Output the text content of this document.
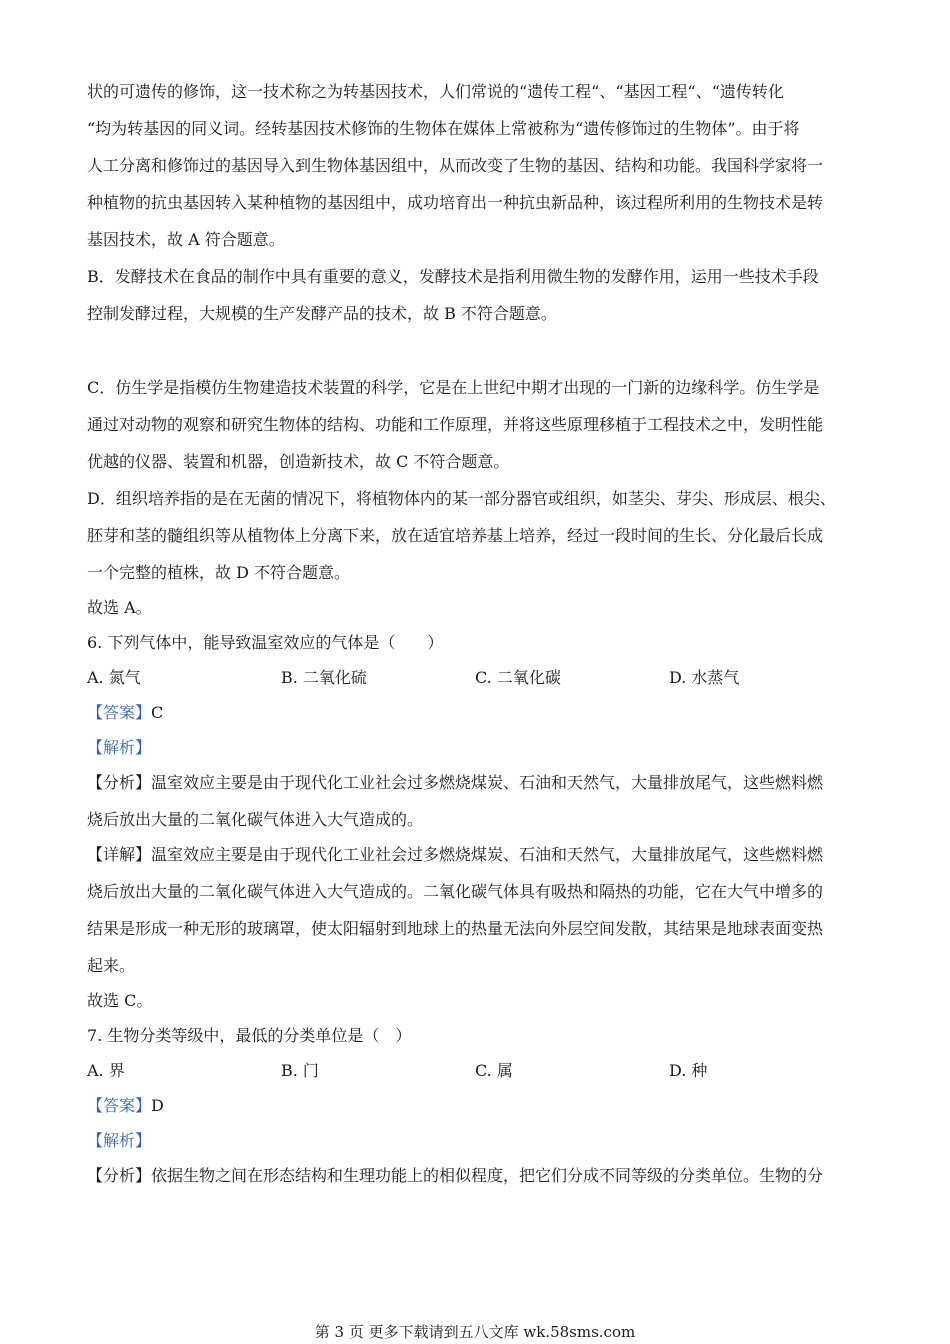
状的可遗传的修饰，这一技术称之为转基因技术，人们常说的“遗传工程“、“基因工程“、“遗传转化
“均为转基因的同义词。经转基因技术修饰的生物体在媒体上常被称为“遗传修饰过的生物体”。由于将
人工分离和修饰过的基因导入到生物体基因组中，从而改变了生物的基因、结构和功能。我国科学家将一
种植物的抗虫基因转入某种植物的基因组中，成功培育出一种抗虫新品种，该过程所利用的生物技术是转
基因技术，故 A 符合题意。
B．发酵技术在食品的制作中具有重要的意义，发酵技术是指利用微生物的发酵作用，运用一些技术手段
控制发酵过程，大规模的生产发酵产品的技术，故 B 不符合题意。
C．仿生学是指模仿生物建造技术装置的科学，它是在上世纪中期才出现的一门新的边缘科学。仿生学是
通过对动物的观察和研究生物体的结构、功能和工作原理，并将这些原理移植于工程技术之中，发明性能
优越的仪器、装置和机器，创造新技术，故 C 不符合题意。
D．组织培养指的是在无菌的情况下，将植物体内的某一部分器官或组织，如茎尖、芽尖、形成层、根尖、
胚芽和茎的髓组织等从植物体上分离下来，放在适宜培养基上培养，经过一段时间的生长、分化最后长成
一个完整的植株，故 D 不符合题意。
故选 A。
6. 下列气体中，能导致温室效应的气体是（　　）
A. 氮气	B. 二氧化硫	C. 二氧化碳	D. 水蒸气
【答案】C
【解析】
【分析】温室效应主要是由于现代化工业社会过多燃烧煤炭、石油和天然气，大量排放尾气，这些燃料燃
烧后放出大量的二氧化碳气体进入大气造成的。
【详解】温室效应主要是由于现代化工业社会过多燃烧煤炭、石油和天然气，大量排放尾气，这些燃料燃
烧后放出大量的二氧化碳气体进入大气造成的。二氧化碳气体具有吸热和隔热的功能，它在大气中增多的
结果是形成一种无形的玻璃罩，使太阳辐射到地球上的热量无法向外层空间发散，其结果是地球表面变热
起来。
故选 C。
7. 生物分类等级中，最低的分类单位是（　）
A. 界	B. 门	C. 属	D. 种
【答案】D
【解析】
【分析】依据生物之间在形态结构和生理功能上的相似程度，把它们分成不同等级的分类单位。生物的分
第 3 页 更多下载请到五八文库 wk.58sms.com
